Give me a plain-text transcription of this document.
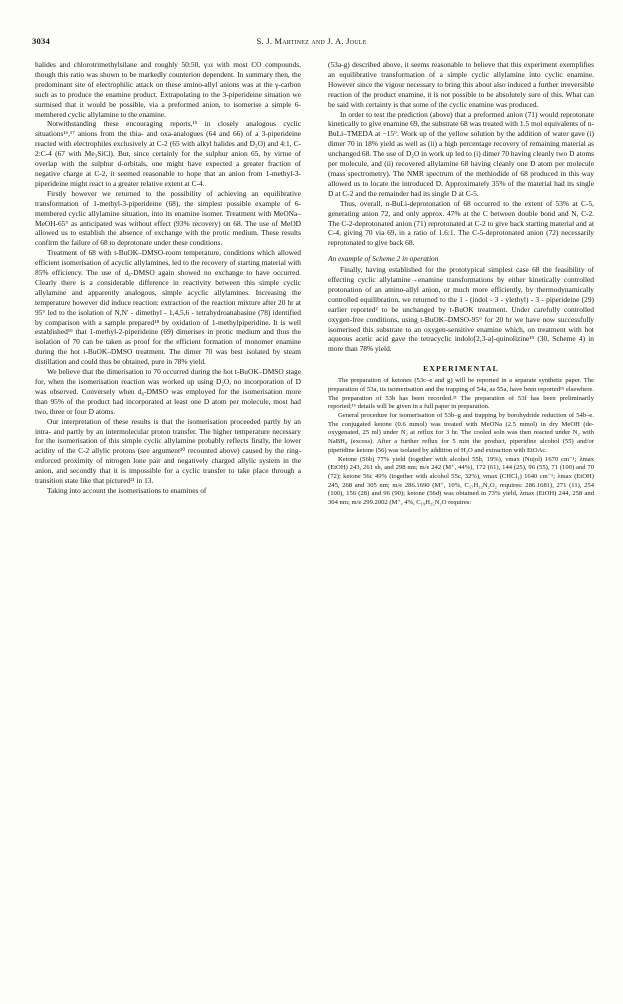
3034	S. J. Martinez and J. A. Joule

halides and chlorotrimethylsilane and roughly 50:50, γ:α with most CO compounds, though this ratio was shown to be markedly counterion dependent. In summary then, the predominant site of electrophilic attack on these amino-allyl anions was at the γ-carbon such as to produce the enamine product. Extrapolating to the 3-piperideine situation we surmised that it would be possible, via a preformed anion, to isomerise a simple 6-membered cyclic allylamine to the enamine.

Notwithstanding these encouraging reports,¹⁵ in closely analogous cyclic situations¹⁶,¹⁷ anions from the thia- and oxa-analogues (64 and 66) of a 3-piperideine reacted with electrophiles exclusively at C-2 (65 with alkyl halides and D₂O) and 4:1, C-2:C-4 (67 with Me₃SiCl). But, since certainly for the sulphur anion 65, by virtue of overlap with the sulphur d-orbitals, one might have expected a greater fraction of negative charge at C-2, it seemed reasonable to hope that an anion from 1-methyl-3-piperideine might react to a greater relative extent at C-4.

Firstly however we returned to the possibility of achieving an equilibrative transformation of 1-methyl-3-piperideine (68), the simplest possible example of 6-membered cyclic allylamine situation, into its enamine isomer. Treatment with MeONa–MeOH-65° as anticipated was without effect (93% recovery) on 68. The use of MeOD allowed us to establish the absence of exchange with the protic medium. These results confirm the failure of 68 to deprotonate under these conditions.

Treatment of 68 with t-BuOK–DMSO-room temperature, conditions which allowed efficient isomerisation of acyclic allylamines, led to the recovery of starting material with 85% efficiency. The use of d₆-DMSO again showed no exchange to have occurred. Clearly there is a considerable difference in reactivity between this simple cyclic allylamine and apparently analogous, simple acyclic allylamines. Increasing the temperature however did induce reaction: extraction of the reaction mixture after 20 hr at 95° led to the isolation of N,N′ - dimethyl - 1,4,5,6 - tetrahydroanabasine (78) identified by comparison with a sample prepared¹⁸ by oxidation of 1-methylpiperidine. It is well established¹⁹ that 1-methyl-2-piperideine (69) dimerises in protic medium and thus the isolation of 70 can be taken as proof for the efficient formation of monomer enamine during the hot t-BuOK–DMSO treatment. The dimer 70 was best isolated by steam distillation and could thus be obtained, pure in 78% yield.

We believe that the dimerisation to 70 occurred during the hot t-BuOK–DMSO stage for, when the isomerisation reaction was worked up using D₂O, no incorporation of D was observed. Conversely when d₆-DMSO was employed for the isomerisation more than 95% of the product had incorporated at least one D atom per molecule, most had two, three or four D atoms.

Our interpretation of these results is that the isomerisation proceeded partly by an intra- and partly by an intermolecular proton transfer. The higher temperature necessary for the isomerisation of this simple cyclic allylamine probably reflects firstly, the lower acidity of the C-2 allylic protons (see argument²⁰ recounted above) caused by the ring-enforced proximity of nitrogen lone pair and negatively charged allylic system in the anion, and secondly that it is impossible for a cyclic transfer to take place through a transition state like that pictured²¹ in 13.

Taking into account the isomerisations to enamines of

(53a-g) described above, it seems reasonable to believe that this experiment exemplifies an equilibrative transformation of a simple cyclic allylamine into cyclic enamine. However since the vigour necessary to bring this about also induced a further irreversible reaction of the product enamine, it is not possible to be absolutely sure of this. What can be said with certainty is that some of the cyclic enamine was produced.

In order to test the prediction (above) that a preformed anion (71) would reprotonate kinetically to give enamine 69, the substrate 68 was treated with 1.5 mol equivalents of n-BuLi–TMEDA at −15°. Work up of the yellow solution by the addition of water gave (i) dimer 70 in 18% yield as well as (ii) a high percentage recovery of remaining material as unchanged 68. The use of D₂O in work up led to (i) dimer 70 having cleanly two D atoms per molecule, and (ii) recovered allylamine 68 having cleanly one D atom per molecule (mass spectrometry). The NMR spectrum of the methiodide of 68 produced in this way allowed us to locate the introduced D. Approximately 35% of the material had its single D at C-2 and the remainder had its single D at C-5.

Thus, overall, n-BuLi-deprotonation of 68 occurred to the extent of 53% at C-5, generating anion 72, and only approx. 47% at the C between double bond and N, C-2. The C-2-deprotonated anion (71) reprotonated at C-2 to give back starting material and at C-4, giving 70 via 69, in a ratio of 1.6:1. The C-5-deprotonated anion (72) necessarily reprotonated to give back 68.

An example of Scheme 2 in operation

Finally, having established for the prototypical simplest case 68 the feasibility of effecting cyclic allylamine→enamine transformations by either kinetically controlled protonation of an amino-allyl anion, or much more efficiently, by thermodynamically controlled equilibration, we returned to the 1 - (indol - 3 - ylethyl) - 3 - piperideine (29) earlier reported² to be unchanged by t-BuOK treatment. Under carefully controlled oxygen-free conditions, using t-BuOK–DMSO-95° for 20 hr we have now successfully isomerised this substrate to an oxygen-sensitive enamine which, on treatment with hot aqueous acetic acid gave the tetracyclic indolo[2,3-a]-quinolizine¹⁹ (30, Scheme 4) in more than 78% yield.

EXPERIMENTAL

The preparation of ketones (53c–e and g) will be reported in a separate synthetic paper. The preparation of 53a, its isomerisation and the trapping of 54a, as 55a, have been reported¹⁵ elsewhere. The preparation of 53b has been recorded.²¹ The preparation of 53f has been preliminarily reported;¹⁶ details will be given in a full paper in preparation.

General procedure for isomerisation of 53b–g and trapping by borohydride reduction of 54b–e. The conjugated ketone (0.6 mmol) was treated with MeONa (2.5 mmol) in dry MeOH (de-oxygenated, 25 ml) under N₂ at reflux for 3 hr. The cooled soln was then reacted under N₂ with NaBH₄ (excess). After a further reflux for 5 min the product, piperidine alcohol (55) and/or piperidine ketone (56) was isolated by addition of H₂O and extraction with EtOAc.

Ketone (56b) 77% yield (together with alcohol 55b, 19%), νmax (Nujol) 1670 cm⁻¹; λmax (EtOH) 243, 261 sh, and 298 nm; m/e 242 (M⁺, 44%), 172 (61), 144 (25), 96 (55), 71 (100) and 70 (72); ketone 56c 49% (together with alcohol 55c, 32%), νmax (CHCl₃) 1640 cm⁻¹; λmax (EtOH) 245, 268 and 305 nm; m/e 286.1690 (M⁺, 10%, C₁₇H₂₂N₂O₂ requires: 286.1681), 271 (11), 254 (100), 156 (28) and 96 (90); ketone (56d) was obtained in 73% yield, λmax (EtOH) 244, 258 and 304 nm; m/e 299.2002 (M⁺, 4%, C₁₉H₂₅N₂O requires:
